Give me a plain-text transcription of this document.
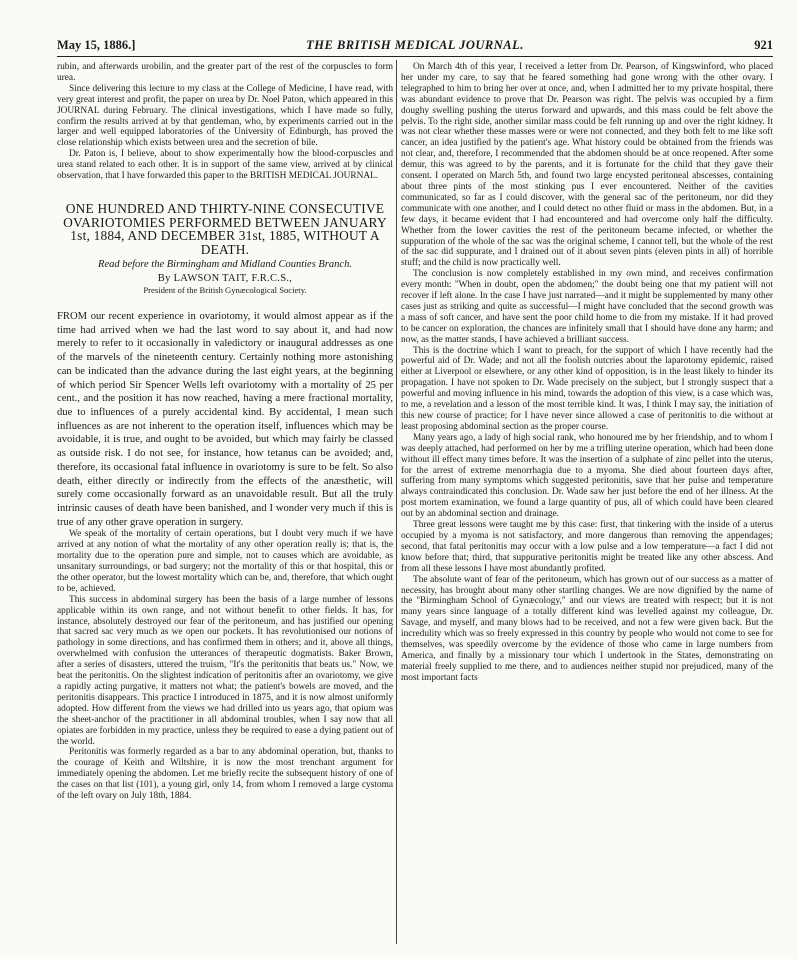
May 15, 1886.]	THE BRITISH MEDICAL JOURNAL.	921

rubin, and afterwards urobilin, and the greater part of the rest of the corpuscles to form urea.

Since delivering this lecture to my class at the College of Medicine, I have read, with very great interest and profit, the paper on urea by Dr. Noel Paton, which appeared in this JOURNAL during February. The clinical investigations, which I have made so fully, confirm the results arrived at by that gentleman, who, by experiments carried out in the larger and well equipped laboratories of the University of Edinburgh, has proved the close relationship which exists between urea and the secretion of bile.

Dr. Paton is, I believe, about to show experimentally how the blood-corpuscles and urea stand related to each other. It is in support of the same view, arrived at by clinical observation, that I have forwarded this paper to the BRITISH MEDICAL JOURNAL.

ONE HUNDRED AND THIRTY-NINE CONSECUTIVE OVARIOTOMIES PERFORMED BETWEEN JANUARY 1st, 1884, AND DECEMBER 31st, 1885, WITHOUT A DEATH.
Read before the Birmingham and Midland Counties Branch.
By LAWSON TAIT, F.R.C.S.,
President of the British Gynæcological Society.

FROM our recent experience in ovariotomy, it would almost appear as if the time had arrived when we had the last word to say about it, and had now merely to refer to it occasionally in valedictory or inaugural addresses as one of the marvels of the nineteenth century. Certainly nothing more astonishing can be indicated than the advance during the last eight years, at the beginning of which period Sir Spencer Wells left ovariotomy with a mortality of 25 per cent., and the position it has now reached, having a mere fractional mortality, due to influences of a purely accidental kind. By accidental, I mean such influences as are not inherent to the operation itself, influences which may be avoidable, it is true, and ought to be avoided, but which may fairly be classed as outside risk. I do not see, for instance, how tetanus can be avoided; and, therefore, its occasional fatal influence in ovariotomy is sure to be felt. So also death, either directly or indirectly from the effects of the anæsthetic, will surely come occasionally forward as an unavoidable result. But all the truly intrinsic causes of death have been banished, and I wonder very much if this is true of any other grave operation in surgery.

We speak of the mortality of certain operations, but I doubt very much if we have arrived at any notion of what the mortality of any other operation really is; that is, the mortality due to the operation pure and simple, not to causes which are avoidable, as unsanitary surroundings, or bad surgery; not the mortality of this or that hospital, this or the other operator, but the lowest mortality which can be, and, therefore, that which ought to be, achieved.

This success in abdominal surgery has been the basis of a large number of lessons applicable within its own range, and not without benefit to other fields. It has, for instance, absolutely destroyed our fear of the peritoneum, and has justified our opening that sacred sac very much as we open our pockets. It has revolutionised our notions of pathology in some directions, and has confirmed them in others; and it, above all things, overwhelmed with confusion the utterances of therapeutic dogmatists. Baker Brown, after a series of disasters, uttered the truism, "It's the peritonitis that beats us." Now, we beat the peritonitis. On the slightest indication of peritonitis after an ovariotomy, we give a rapidly acting purgative, it matters not what; the patient's bowels are moved, and the peritonitis disappears. This practice I introduced in 1875, and it is now almost uniformly adopted. How different from the views we had drilled into us years ago, that opium was the sheet-anchor of the practitioner in all abdominal troubles, when I say now that all opiates are forbidden in my practice, unless they be required to ease a dying patient out of the world.

Peritonitis was formerly regarded as a bar to any abdominal operation, but, thanks to the courage of Keith and Wiltshire, it is now the most trenchant argument for immediately opening the abdomen. Let me briefly recite the subsequent history of one of the cases on that list (101), a young girl, only 14, from whom I removed a large cystoma of the left ovary on July 18th, 1884.

On March 4th of this year, I received a letter from Dr. Pearson, of Kingswinford, who placed her under my care, to say that he feared something had gone wrong with the other ovary. I telegraphed to him to bring her over at once, and, when I admitted her to my private hospital, there was abundant evidence to prove that Dr. Pearson was right. The pelvis was occupied by a firm doughy swelling pushing the uterus forward and upwards, and this mass could be felt above the pelvis. To the right side, another similar mass could be felt running up and over the right kidney. It was not clear whether these masses were or were not connected, and they both felt to me like soft cancer, an idea justified by the patient's age. What history could be obtained from the friends was not clear, and, therefore, I recommended that the abdomen should be at once reopened. After some demur, this was agreed to by the parents, and it is fortunate for the child that they gave their consent. I operated on March 5th, and found two large encysted peritoneal abscesses, containing about three pints of the most stinking pus I ever encountered. Neither of the cavities communicated, so far as I could discover, with the general sac of the peritoneum, nor did they communicate with one another, and I could detect no other fluid or mass in the abdomen. But, in a few days, it became evident that I had encountered and had overcome only half the difficulty. Whether from the lower cavities the rest of the peritoneum became infected, or whether the suppuration of the whole of the sac was the original scheme, I cannot tell, but the whole of the rest of the sac did suppurate, and I drained out of it about seven pints (eleven pints in all) of horrible stuff; and the child is now practically well.

The conclusion is now completely established in my own mind, and receives confirmation every month: "When in doubt, open the abdomen;" the doubt being one that my patient will not recover if left alone. In the case I have just narrated—and it might be supplemented by many other cases just as striking and quite as successful—I might have concluded that the second growth was a mass of soft cancer, and have sent the poor child home to die from my mistake. If it had proved to be cancer on exploration, the chances are infinitely small that I should have done any harm; and now, as the matter stands, I have achieved a brilliant success.

This is the doctrine which I want to preach, for the support of which I have recently had the powerful aid of Dr. Wade; and not all the foolish outcries about the laparotomy epidemic, raised either at Liverpool or elsewhere, or any other kind of opposition, is in the least likely to hinder its propagation. I have not spoken to Dr. Wade precisely on the subject, but I strongly suspect that a powerful and moving influence in his mind, towards the adoption of this view, is a case which was, to me, a revelation and a lesson of the most terrible kind. It was, I think I may say, the initiation of this new course of practice; for I have never since allowed a case of peritonitis to die without at least proposing abdominal section as the proper course.

Many years ago, a lady of high social rank, who honoured me by her friendship, and to whom I was deeply attached, had performed on her by me a trifling uterine operation, which had been done without ill effect many times before. It was the insertion of a sulphate of zinc pellet into the uterus, for the arrest of extreme menorrhagia due to a myoma. She died about fourteen days after, suffering from many symptoms which suggested peritonitis, save that her pulse and temperature always contraindicated this conclusion. Dr. Wade saw her just before the end of her illness. At the post mortem examination, we found a large quantity of pus, all of which could have been cleared out by an abdominal section and drainage.

Three great lessons were taught me by this case: first, that tinkering with the inside of a uterus occupied by a myoma is not satisfactory, and more dangerous than removing the appendages; second, that fatal peritonitis may occur with a low pulse and a low temperature—a fact I did not know before that; third, that suppurative peritonitis might be treated like any other abscess. And from all these lessons I have most abundantly profited.

The absolute want of fear of the peritoneum, which has grown out of our success as a matter of necessity, has brought about many other startling changes. We are now dignified by the name of the "Birmingham School of Gynæcology," and our views are treated with respect; but it is not many years since language of a totally different kind was levelled against my colleague, Dr. Savage, and myself, and many blows had to be received, and not a few were given back. But the incredulity which was so freely expressed in this country by people who would not come to see for themselves, was speedily overcome by the evidence of those who came in large numbers from America, and finally by a missionary tour which I undertook in the States, demonstrating on material freely supplied to me there, and to audiences neither stupid nor prejudiced, many of the most important facts
